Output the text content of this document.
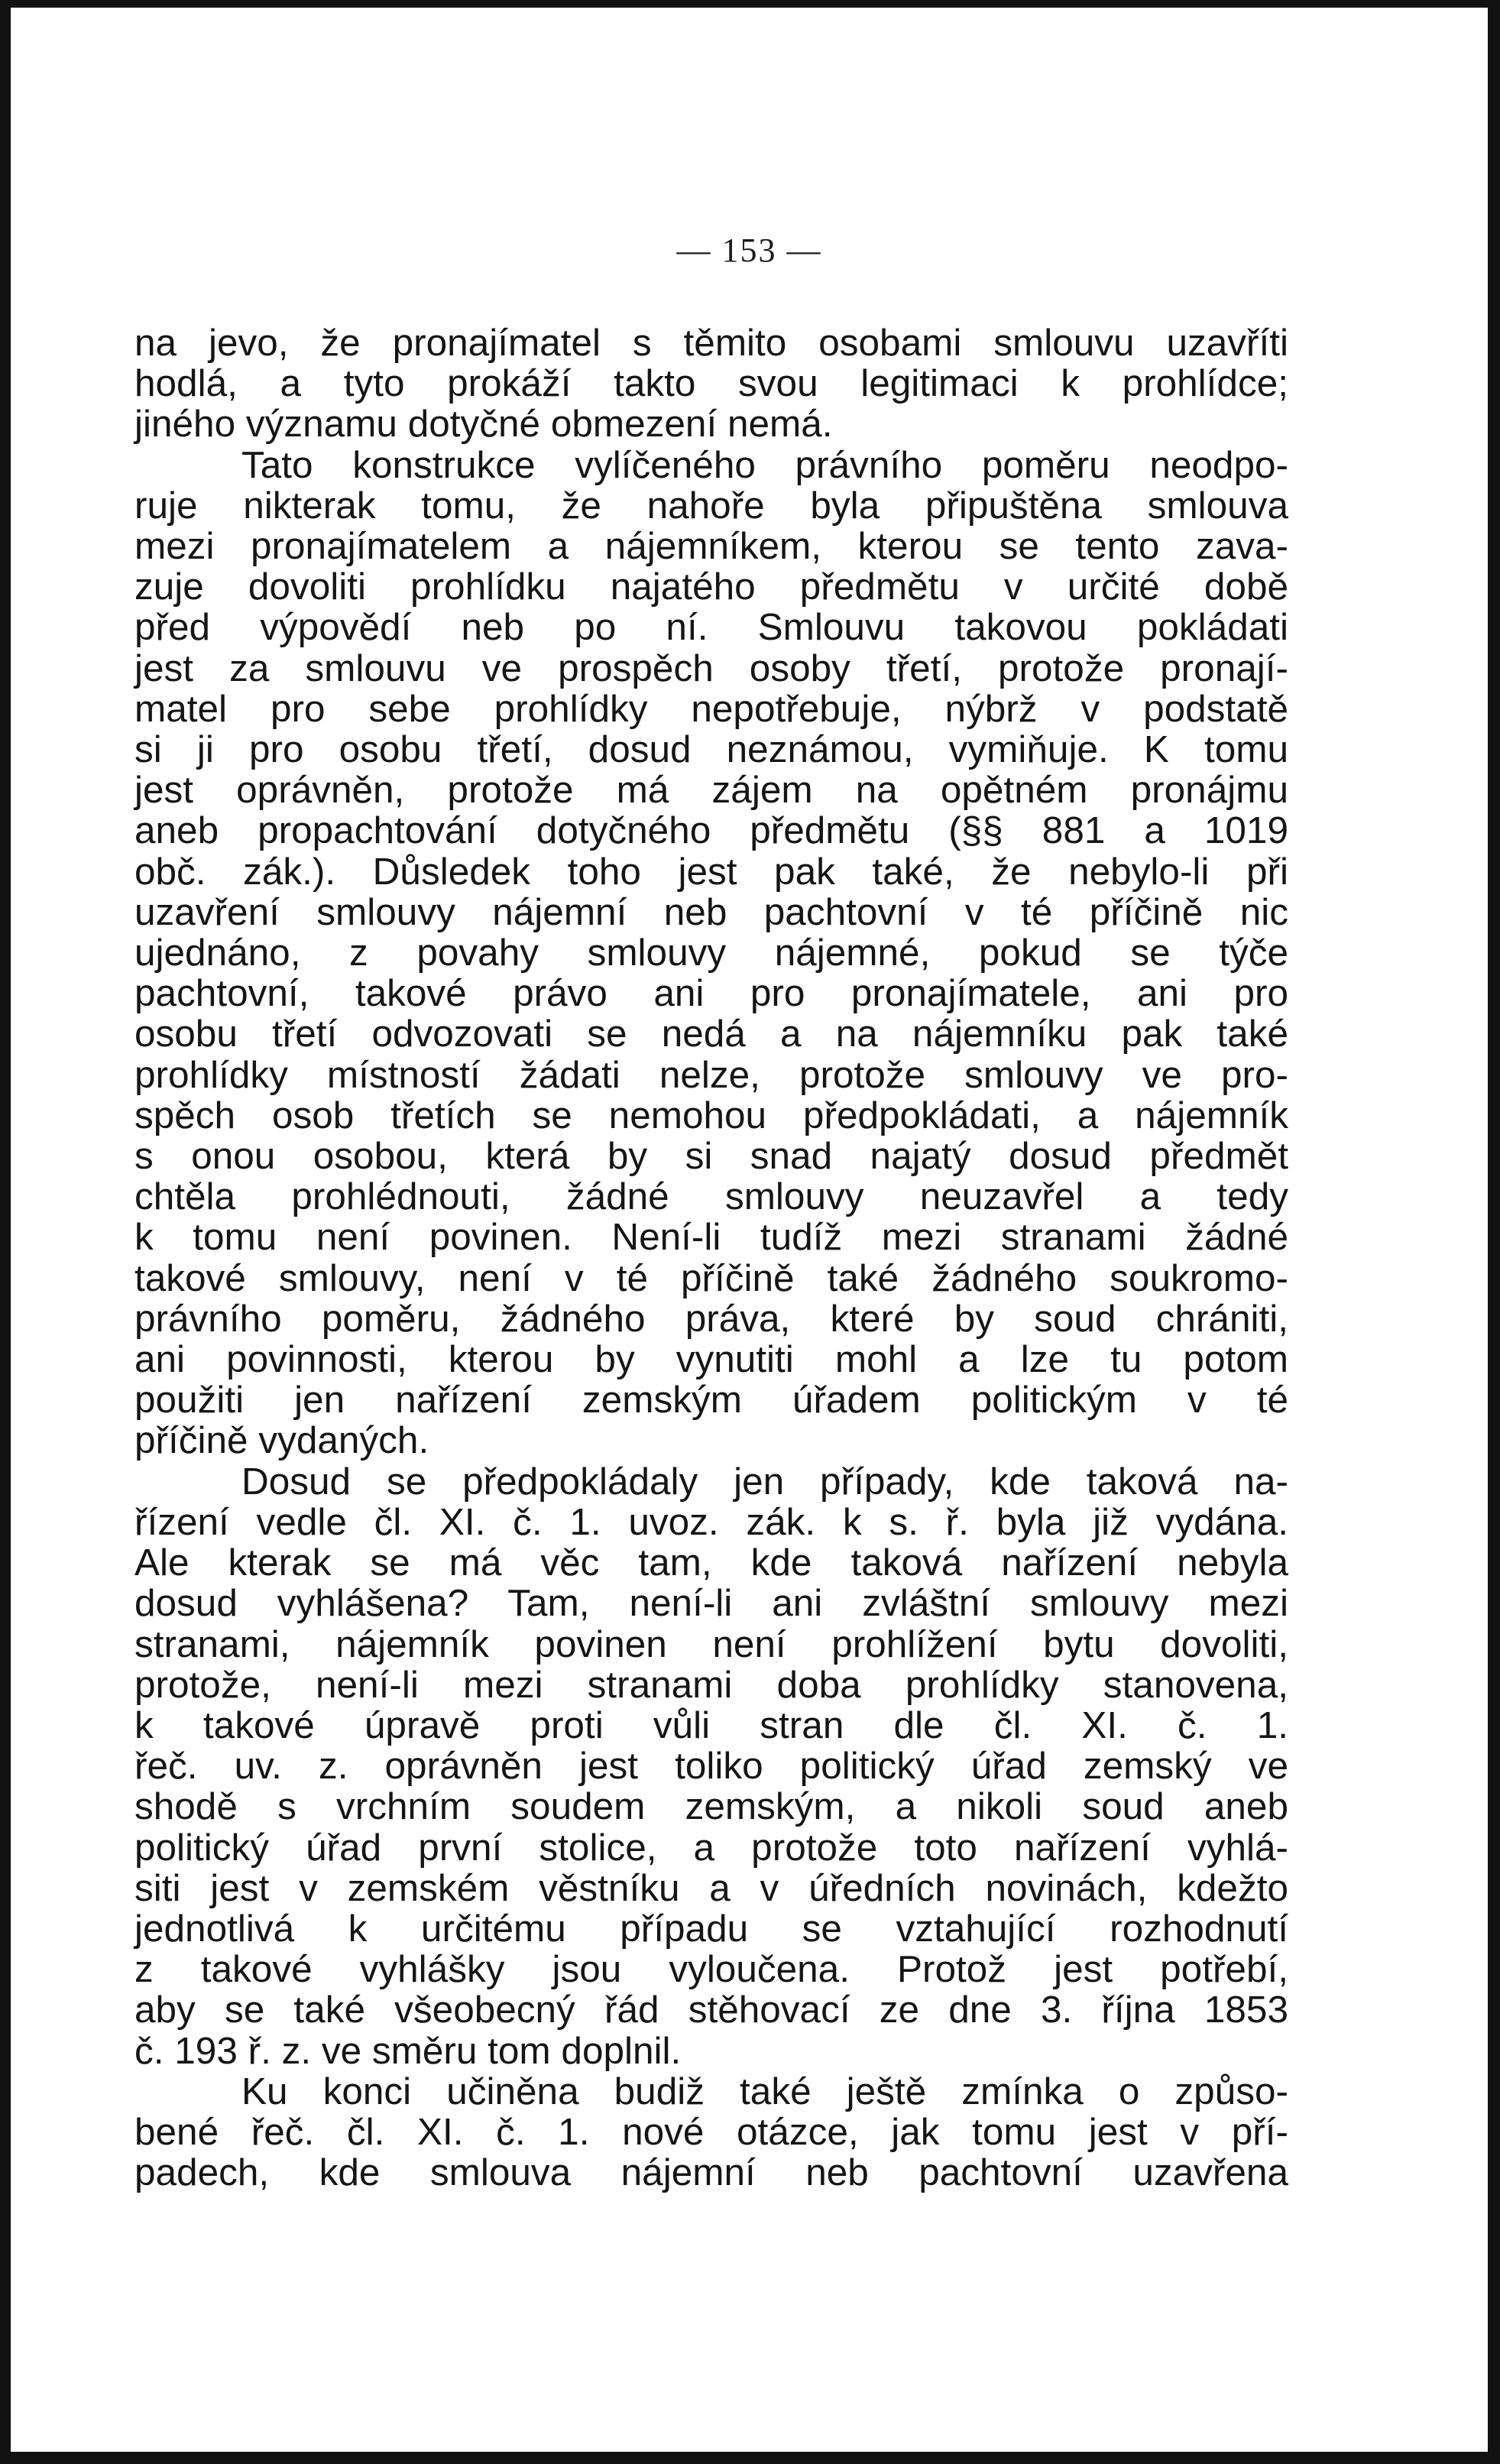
— 153 —
na jevo, že pronajímatel s těmito osobami smlouvu uzavříti
hodlá, a tyto prokáží takto svou legitimaci k prohlídce;
jiného významu dotyčné obmezení nemá.
Tato konstrukce vylíčeného právního poměru neodpo-
ruje nikterak tomu, že nahoře byla připuštěna smlouva
mezi pronajímatelem a nájemníkem, kterou se tento zava-
zuje dovoliti prohlídku najatého předmětu v určité době
před výpovědí neb po ní. Smlouvu takovou pokládati
jest za smlouvu ve prospěch osoby třetí, protože pronají-
matel pro sebe prohlídky nepotřebuje, nýbrž v podstatě
si ji pro osobu třetí, dosud neznámou, vymiňuje. K tomu
jest oprávněn, protože má zájem na opětném pronájmu
aneb propachtování dotyčného předmětu (§§ 881 a 1019
obč. zák.). Důsledek toho jest pak také, že nebylo-li při
uzavření smlouvy nájemní neb pachtovní v té příčině nic
ujednáno, z povahy smlouvy nájemné, pokud se týče
pachtovní, takové právo ani pro pronajímatele, ani pro
osobu třetí odvozovati se nedá a na nájemníku pak také
prohlídky místností žádati nelze, protože smlouvy ve pro-
spěch osob třetích se nemohou předpokládati, a nájemník
s onou osobou, která by si snad najatý dosud předmět
chtěla prohlédnouti, žádné smlouvy neuzavřel a tedy
k tomu není povinen. Není-li tudíž mezi stranami žádné
takové smlouvy, není v té příčině také žádného soukromo-
právního poměru, žádného práva, které by soud chrániti,
ani povinnosti, kterou by vynutiti mohl a lze tu potom
použiti jen nařízení zemským úřadem politickým v té
příčině vydaných.
Dosud se předpokládaly jen případy, kde taková na-
řízení vedle čl. XI. č. 1. uvoz. zák. k s. ř. byla již vydána.
Ale kterak se má věc tam, kde taková nařízení nebyla
dosud vyhlášena? Tam, není-li ani zvláštní smlouvy mezi
stranami, nájemník povinen není prohlížení bytu dovoliti,
protože, není-li mezi stranami doba prohlídky stanovena,
k takové úpravě proti vůli stran dle čl. XI. č. 1.
řeč. uv. z. oprávněn jest toliko politický úřad zemský ve
shodě s vrchním soudem zemským, a nikoli soud aneb
politický úřad první stolice, a protože toto nařízení vyhlá-
siti jest v zemském věstníku a v úředních novinách, kdežto
jednotlivá k určitému případu se vztahující rozhodnutí
z takové vyhlášky jsou vyloučena. Protož jest potřebí,
aby se také všeobecný řád stěhovací ze dne 3. října 1853
č. 193 ř. z. ve směru tom doplnil.
Ku konci učiněna budiž také ještě zmínka o způso-
bené řeč. čl. XI. č. 1. nové otázce, jak tomu jest v pří-
padech, kde smlouva nájemní neb pachtovní uzavřena
